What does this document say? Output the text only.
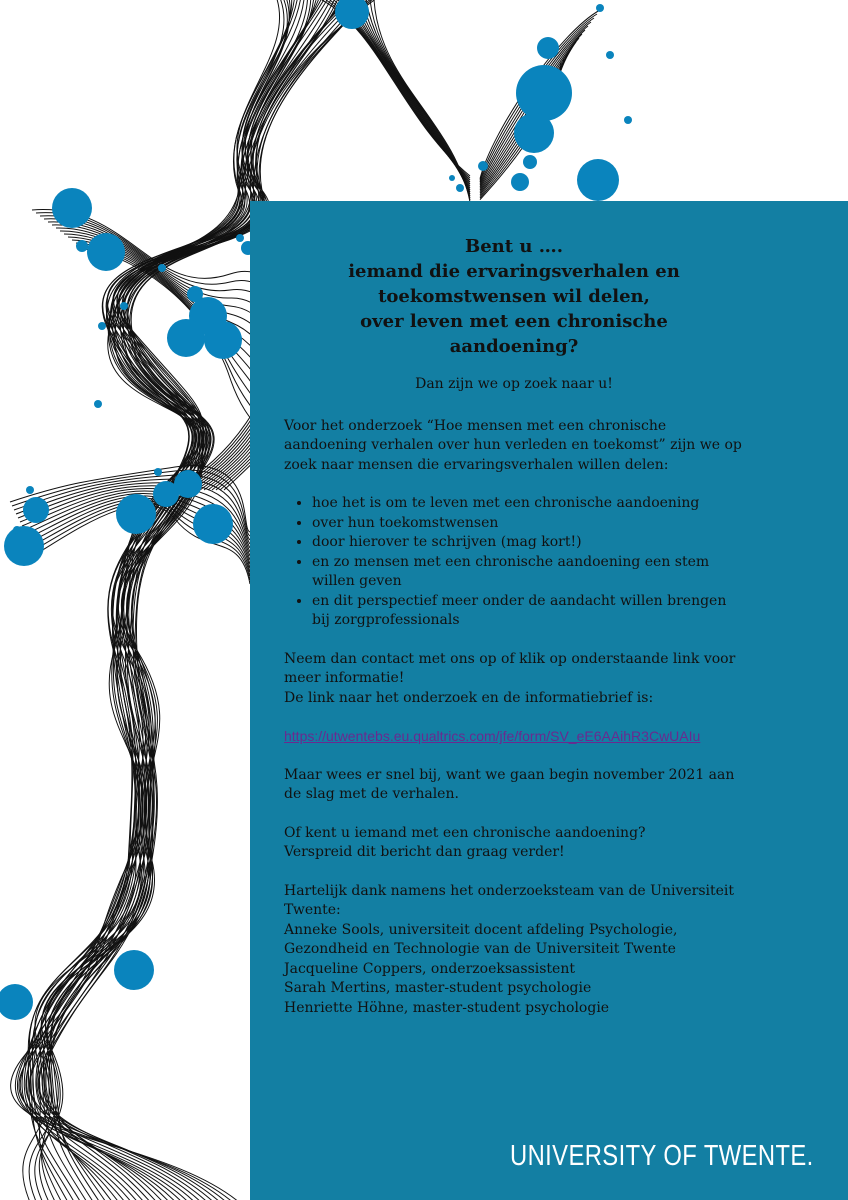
Bent u ….
iemand die ervaringsverhalen en
toekomstwensen wil delen,
over leven met een chronische
aandoening?
Dan zijn we op zoek naar u!

Voor het onderzoek “Hoe mensen met een chronische aandoening verhalen over hun verleden en toekomst” zijn we op zoek naar mensen die ervaringsverhalen willen delen:

• hoe het is om te leven met een chronische aandoening
• over hun toekomstwensen
• door hierover te schrijven (mag kort!)
• en zo mensen met een chronische aandoening een stem willen geven
• en dit perspectief meer onder de aandacht willen brengen bij zorgprofessionals

Neem dan contact met ons op of klik op onderstaande link voor meer informatie!
De link naar het onderzoek en de informatiebrief is:

https://utwentebs.eu.qualtrics.com/jfe/form/SV_eE6AAihR3CwUAIu

Maar wees er snel bij, want we gaan begin november 2021 aan de slag met de verhalen.

Of kent u iemand met een chronische aandoening?
Verspreid dit bericht dan graag verder!

Hartelijk dank namens het onderzoeksteam van de Universiteit Twente:
Anneke Sools, universiteit docent afdeling Psychologie, Gezondheid en Technologie van de Universiteit Twente
Jacqueline Coppers, onderzoeksassistent
Sarah Mertins, master-student psychologie
Henriette Höhne, master-student psychologie

UNIVERSITY OF TWENTE.
